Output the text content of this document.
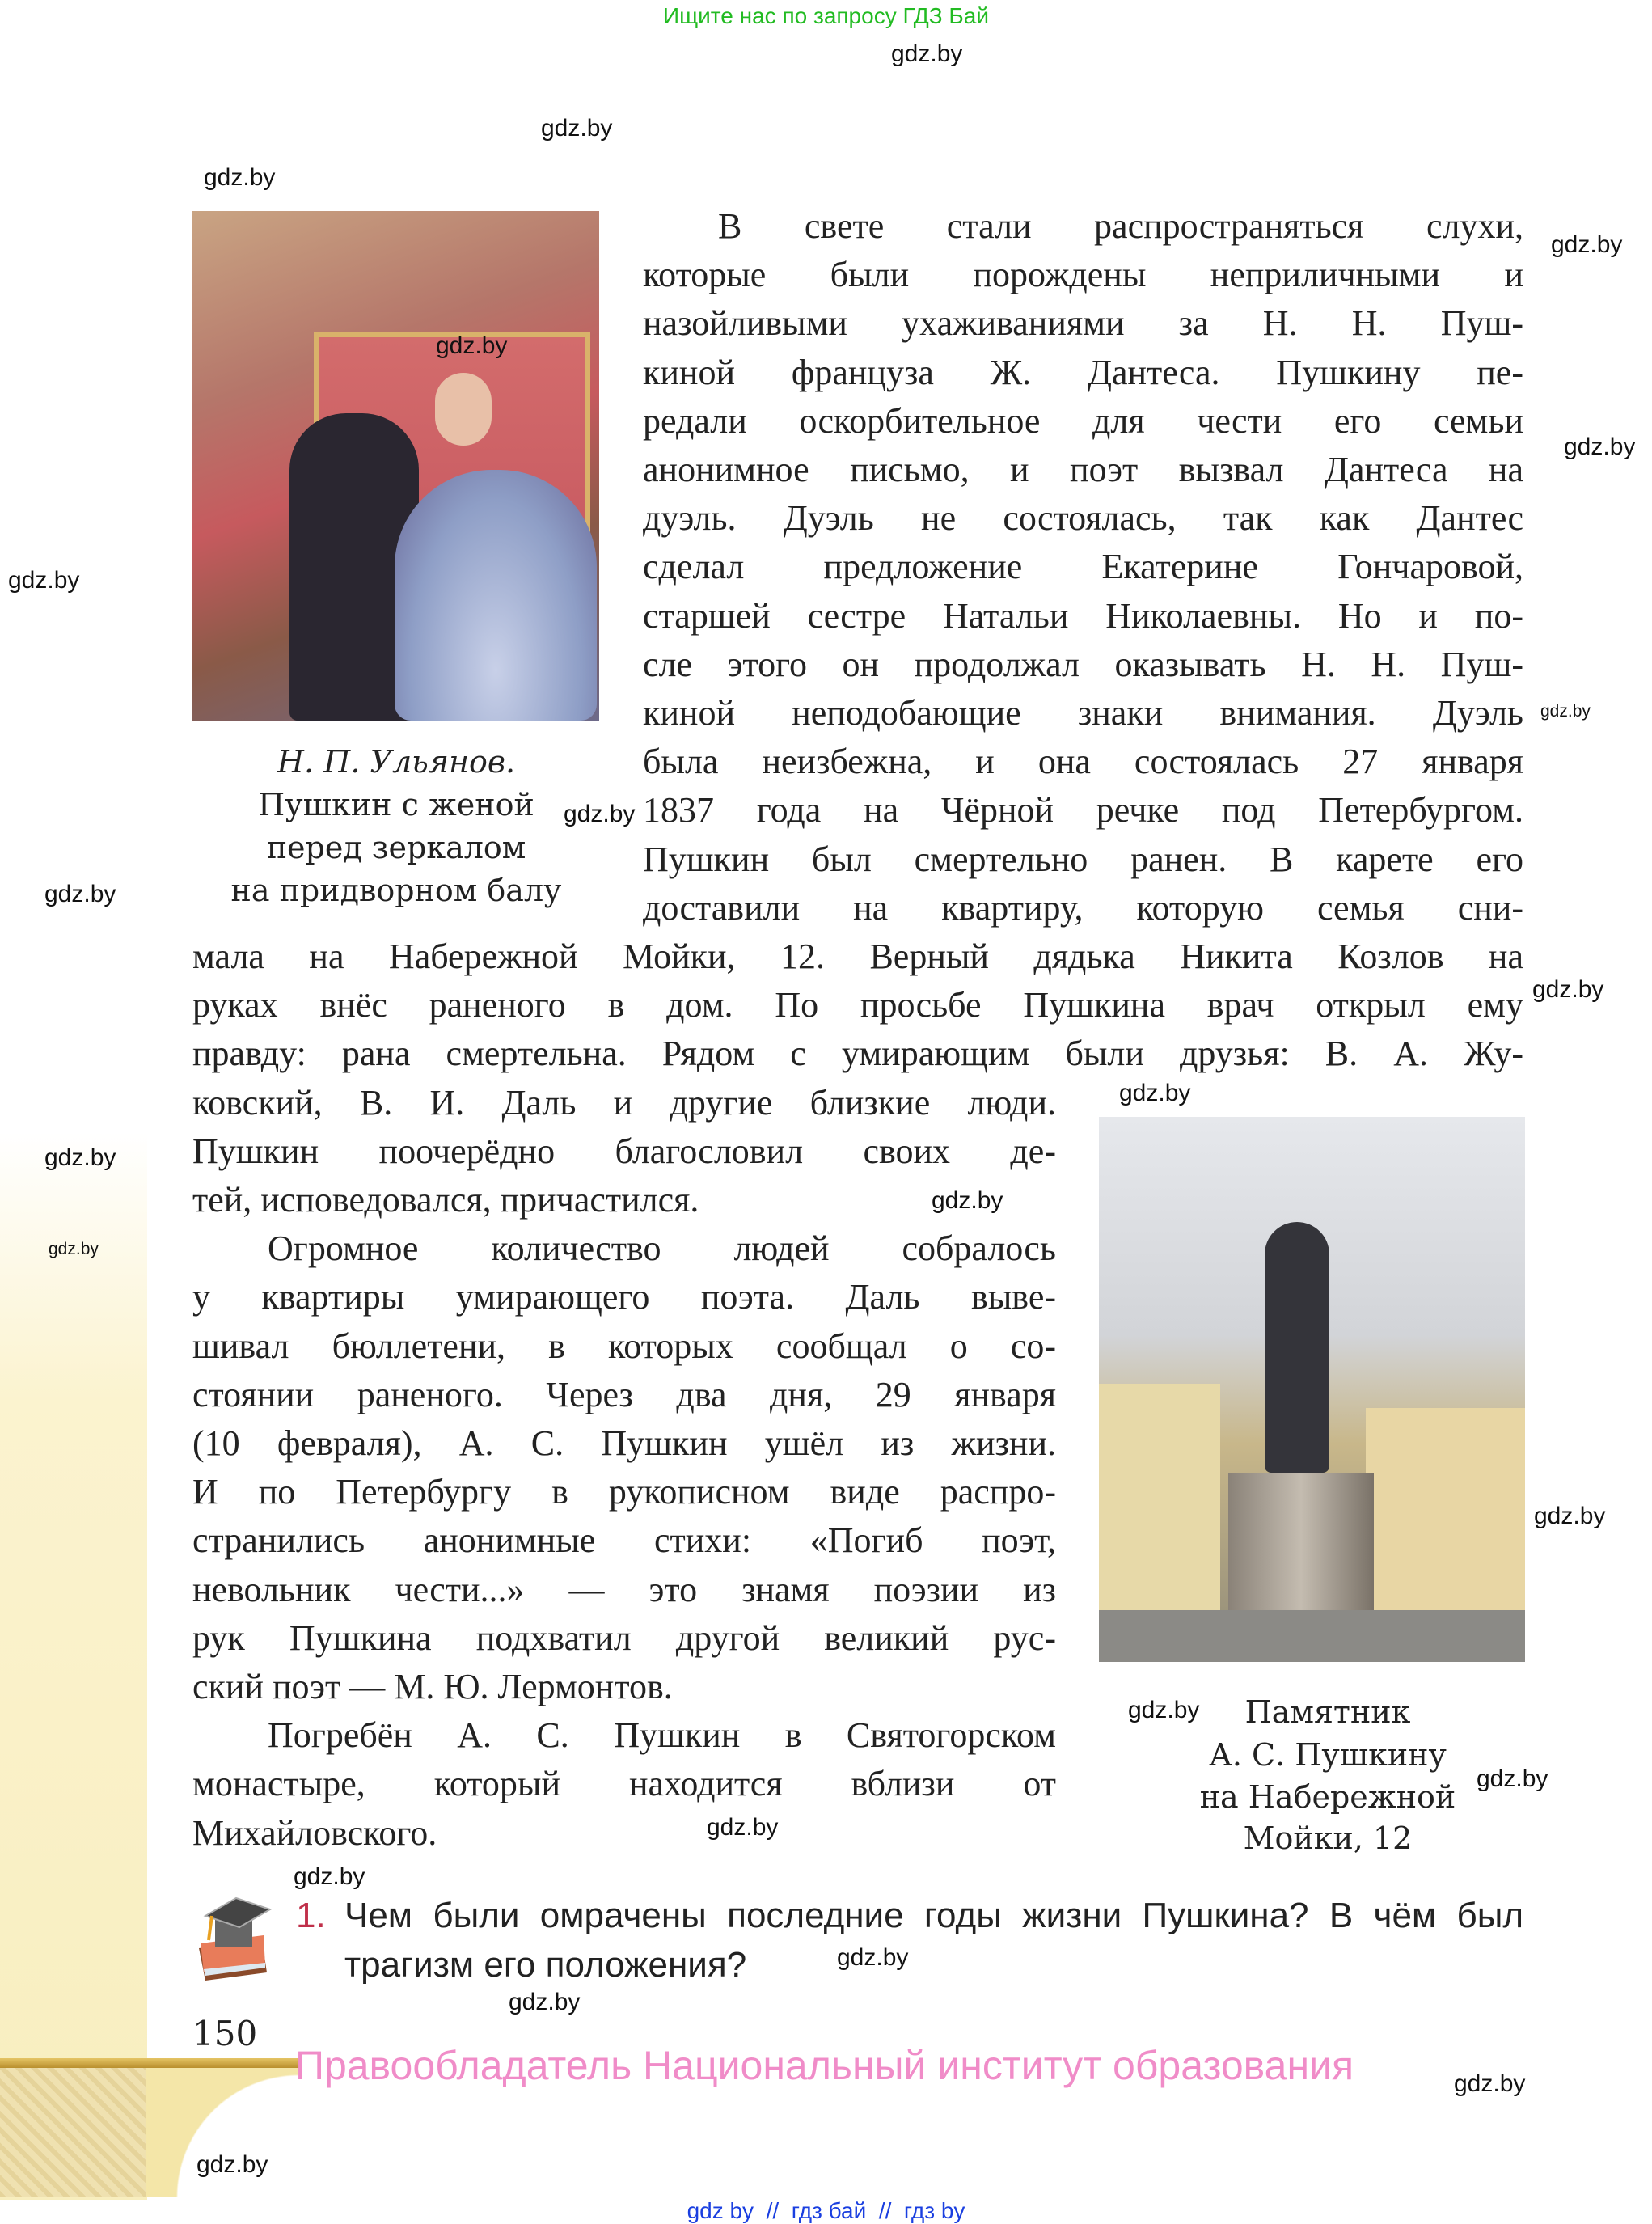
Ищите нас по запросу ГДЗ Бай
Н. П. Ульянов.
Пушкин с женой
перед зеркалом
на придворном балу
Памятник
А. С. Пушкину
на Набережной
Мойки, 12
В свете стали распространяться слухи,
которые были порождены неприличными и
назойливыми ухаживаниями за Н. Н. Пуш-
киной француза Ж. Дантеса. Пушкину пе-
редали оскорбительное для чести его семьи
анонимное письмо, и поэт вызвал Дантеса на
дуэль. Дуэль не состоялась, так как Дантес
сделал предложение Екатерине Гончаровой,
старшей сестре Натальи Николаевны. Но и по-
сле этого он продолжал оказывать Н. Н. Пуш-
киной неподобающие знаки внимания. Дуэль
была неизбежна, и она состоялась 27 января
1837 года на Чёрной речке под Петербургом.
Пушкин был смертельно ранен. В карете его
доставили на квартиру, которую семья сни-
мала на Набережной Мойки, 12. Верный дядька Никита Козлов на
руках внёс раненого в дом. По просьбе Пушкина врач открыл ему
правду: рана смертельна. Рядом с умирающим были друзья: В. А. Жу-
ковский, В. И. Даль и другие близкие люди.
Пушкин поочерёдно благословил своих де-
тей, исповедовался, причастился.
Огромное количество людей собралось
у квартиры умирающего поэта. Даль выве-
шивал бюллетени, в которых сообщал о со-
стоянии раненого. Через два дня, 29 января
(10 февраля), А. С. Пушкин ушёл из жизни.
И по Петербургу в рукописном виде распро-
странились анонимные стихи: «Погиб поэт,
невольник чести...» — это знамя поэзии из
рук Пушкина подхватил другой великий рус-
ский поэт — М. Ю. Лермонтов.
Погребён А. С. Пушкин в Святогорском
монастыре, который находится вблизи от
Михайловского.
1. Чем были омрачены последние годы жизни Пушкина? В чём был
трагизм его положения?
150
Правообладатель Национальный институт образования
gdz by  //  гдз бай  //  гдз by
gdz.by
gdz.by
gdz.by
gdz.by
gdz.by
gdz.by
gdz.by
gdz.by
gdz.by
gdz.by
gdz.by
gdz.by
gdz.by
gdz.by
gdz.by
gdz.by
gdz.by
gdz.by
gdz.by
gdz.by
gdz.by
gdz.by
gdz.by
gdz.by
